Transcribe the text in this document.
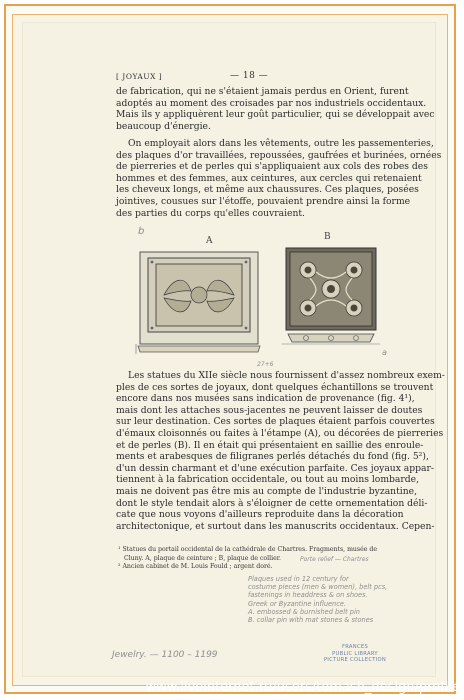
[ JOYAUX ]	— 18 —

de fabrication, qui ne s'étaient jamais perdus en Orient, furent
adoptés au moment des croisades par nos industriels occidentaux.
Mais ils y appliquèrent leur goût particulier, qui se développait avec
beaucoup d'énergie.

On employait alors dans les vêtements, outre les passementeries,
des plaques d'or travaillées, repoussées, gaufrées et burinées, ornées
de pierreries et de perles qui s'appliquaient aux cols des robes des
hommes et des femmes, aux ceintures, aux cercles qui retenaient
les cheveux longs, et même aux chaussures. Ces plaques, posées
jointives, cousues sur l'étoffe, pouvaient prendre ainsi la forme
des parties du corps qu'elles couvraient.

b
A	B
a
27+6

Les statues du XIIe siècle nous fournissent d'assez nombreux exem-
ples de ces sortes de joyaux, dont quelques échantillons se trouvent
encore dans nos musées sans indication de provenance (fig. 4¹),
mais dont les attaches sous-jacentes ne peuvent laisser de doutes
sur leur destination. Ces sortes de plaques étaient parfois couvertes
d'émaux cloisonnés ou faites à l'étampe (A), ou décorées de pierreries
et de perles (B). Il en était qui présentaient en saillie des enroule-
ments et arabesques de filigranes perlés détachés du fond (fig. 5²),
d'un dessin charmant et d'une exécution parfaite. Ces joyaux appar-
tiennent à la fabrication occidentale, ou tout au moins lombarde,
mais ne doivent pas être mis au compte de l'industrie byzantine,
dont le style tendait alors à s'éloigner de cette ornementation déli-
cate que nous voyons d'ailleurs reproduite dans la décoration
architectonique, et surtout dans les manuscrits occidentaux. Cepen-

¹ Statues du portail occidental de la cathédrale de Chartres. Fragments, musée de
Cluny. A, plaque de ceinture ; B, plaque de collier.
² Ancien cabinet de M. Louis Fould ; argent doré.
Porte relief — Chartres
Plaques used in 12 century for
costume pieces (men & women), belt pcs,
fastenings in headdress & on shoes.
Greek or Byzantine influence.
A. embossed & burnished belt pin
B. collar pin with mat stones & stones
Jewelry. — 1100 – 1199
FRANCES
PUBLIC LIBRARY
PICTURE COLLECTION
www.liveinternet.ru/users/tomash_design/profile
